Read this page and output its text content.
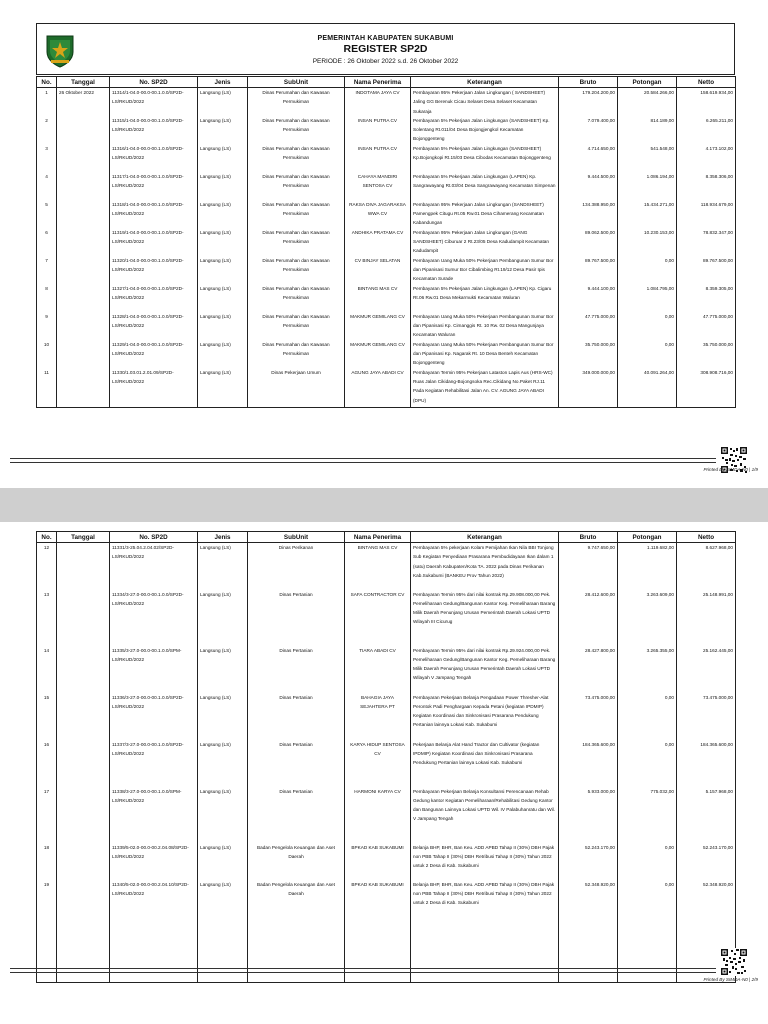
PEMERINTAH KABUPATEN SUKABUMI
REGISTER SP2D
PERIODE : 26 Oktober 2022 s.d. 26 Oktober 2022
No.	Tanggal	No. SP2D	Jenis	SubUnit	Nama Penerima	Keterangan	Bruto	Potongan	Netto
1	26 Oktober 2022	11314/1-04.0-00.0-00.1.0.0/SP2D-LS/RKUD/2022	Langsung (LS)	Dinas Perumahan dan Kawasan Permukiman	INDOTAMA JAYA CV	Pembayaran 95% Pekerjaan Jalan Lingkungan ( SANDSHEET) Jaling GG Berenuk Cicau Selaset Desa Selaset Kecamatan Sukaraja	179.204.200,00	20.584.266,00	158.619.934,00
2		11315/1-04.0-00.0-00.1.0.0/SP2D-LS/RKUD/2022	Langsung (LS)	Dinas Perumahan dan Kawasan Permukiman	INSAN PUTRA CV	Pembayaran 5% Pekerjaan Jalan Lingkungan (SANDSHEET) Kp. Solentang Rt.011/04 Desa Bojongjengkol Kecamatan Bojonggenteng	7.079.400,00	814.189,00	6.265.211,00
3		11316/1-04.0-00.0-00.1.0.0/SP2D-LS/RKUD/2022	Langsung (LS)	Dinas Perumahan dan Kawasan Permukiman	INSAN PUTRA CV	Pembayaran 5% Pekerjaan Jalan Lingkungan (SANDSHEET) Kp.Bojongkopi Rt.15/03 Desa Cibodas Kecamatan Bojonggenteng	4.714.650,00	541.548,00	4.173.102,00
4		11317/1-04.0-00.0-00.1.0.0/SP2D-LS/RKUD/2022	Langsung (LS)	Dinas Perumahan dan Kawasan Permukiman	CAHAYA MANDIRI SENTOSA CV	Pembayaran 5% Pekerjaan Jalan Lingkungan (LAPEN) Kp. Sangrawayang Rt.03/04 Desa Sangrawayang Kecamatan Simpenan	9.444.500,00	1.086.194,00	8.358.306,00
5		11318/1-04.0-00.0-00.1.0.0/SP2D-LS/RKUD/2022	Langsung (LS)	Dinas Perumahan dan Kawasan Permukiman	RAKSA DIVA JAGARAKSA WWA CV	Pembayaran 95% Pekerjaan Jalan Lingkungan (SANDSHEET) Pamengpek Citugu Rt.05 Rw.01 Desa Cihamerang Kecamatan Kabandungan	134.388.950,00	15.434.271,00	118.934.679,00
6		11319/1-04.0-00.0-00.1.0.0/SP2D-LS/RKUD/2022	Langsung (LS)	Dinas Perumahan dan Kawasan Permukiman	ANDHIKA PRATAMA CV	Pembayaran 95% Pekerjaan Jalan Lingkungan (GANG SANDSHEET) Ciburuar 2 Rt.23/05 Desa Kadudampit Kecamatan Kadudampit	89.062.500,00	10.230.153,00	78.832.347,00
7		11320/1-04.0-00.0-00.1.0.0/SP2D-LS/RKUD/2022	Langsung (LS)	Dinas Perumahan dan Kawasan Permukiman	CV BINJAY SELATAN	Pembayaran Uang Muka 50% Pekerjaan Pembangunan Sumur Bor dan Pipanisasi Sumur Bor Cibalimbing Rt.19/12 Desa Pasir Ipis Kecamatan Surade	89.767.500,00	0,00	89.767.500,00
8		11327/1-04.0-00.0-00.1.0.0/SP2D-LS/RKUD/2022	Langsung (LS)	Dinas Perumahan dan Kawasan Permukiman	BINTANG MAS CV	Pembayaran 5% Pekerjaan Jalan Lingkungan (LAPEN) Kp. Cigaru Rt.06 Rw.01 Desa Mekarmukti Kecamatan Waluran	9.444.100,00	1.084.795,00	8.359.305,00
9		11328/1-04.0-00.0-00.1.0.0/SP2D-LS/RKUD/2022	Langsung (LS)	Dinas Perumahan dan Kawasan Permukiman	MAKMUR GEMILANG CV	Pembayaran Uang Muka 50% Pekerjaan Pembangunan Sumur Bor dan Pipanisasi Kp. Cimanggis Rt. 10 Rw. 02 Desa Mangunjaya Kecamatan Waluran	47.775.000,00	0,00	47.775.000,00
10		11329/1-04.0-00.0-00.1.0.0/SP2D-LS/RKUD/2022	Langsung (LS)	Dinas Perumahan dan Kawasan Permukiman	MAKMUR GEMILANG CV	Pembayaran Uang Muka 50% Pekerjaan Pembangunan Sumur Bor dan Pipanisasi Kp. Nagarak Rt. 10 Desa Benteh Kecamatan Bojonggenteng	35.750.000,00	0,00	35.750.000,00
11		11330/1.03.01.2.01.09/SP2D-LS/RKUD/2022	Langsung (LS)	Dinas Pekerjaan Umum	AGUNG JAYA ABADI CV	Pembayaran Termin 95% Pekerjaan Lataston Lapis Aus (HRS-WC) Ruas Jalan Cikidang-Bojongsoka Rec.Cikidang No.Paket RJ.11 Pada Kegiatan Rehabilitasi Jalan An. CV. AGUNG JAYA ABADI (DPU)	349.000.000,00	40.091.264,00	308.908.716,00

Printed By SIMDA-N0 | 1/9
No.	Tanggal	No. SP2D	Jenis	SubUnit	Nama Penerima	Keterangan	Bruto	Potongan	Netto
12		11331/3-25.04.2.04.02/SP2D-LS/RKUD/2022	Langsung (LS)	Dinas Perikanan	BINTANG MAS CV	Pembayaran 5% pekerjaan Kolam Pemijahan Ikan Nila BBI Tonjong Sub Kegiatan Penyediaan Prasarana Pembudidayaan Ikan dalam 1 (satu) Daerah Kabupaten/Kota TA. 2022 pada Dinas Perikanan Kab.Sukabumi (BANKEU Prov Tahun 2022)	9.747.650,00	1.119.682,00	8.627.968,00
13		11334/3-27.0-00.0-00.1.0.0/SP2D-LS/RKUD/2022	Langsung (LS)	Dinas Pertanian	SAFA CONTRACTOR CV	Pembayaran Termin 95% dari nilai kontrak Rp.29.908.000,00 Pek. Pemeliharaan Gedung/Bangunan Kantor Keg. Pemeliharaan Barang Milik Daerah Penunjang Urusan Pemerintah Daerah Lokasi UPTD Wilayah III Cicurug	28.412.600,00	3.263.609,00	25.148.991,00
14		11335/3-27.0-00.0-00.1.0.0/SPM-LS/RKUD/2022	Langsung (LS)	Dinas Pertanian	TIARA ABADI CV	Pembayaran Termin 95% dari nilai kontrak Rp.29.924.000,00 Pek. Pemeliharaan Gedung/Bangunan Kantor Keg. Pemeliharaan Barang Milik Daerah Penunjang Urusan Pemerintah Daerah Lokasi UPTD Wilayah V Jampang Tengah	28.427.800,00	3.265.355,00	25.162.445,00
15		11336/3-27.0-00.0-00.1.0.0/SP2D-LS/RKUD/2022	Langsung (LS)	Dinas Pertanian	BAHAGIA JAYA SEJAHTERA PT	Pembayaran Pekerjaan Belanja Pengadaan Power Thresher-Alat Perontok Padi Penghargaan Kepada Petani (kegiatan IPDMIP) Kegiatan Koordinasi dan Sinkronisasi Prasarana Pendukung Pertanian lainnya Lokasi Kab. Sukabumi	73.475.000,00	0,00	73.475.000,00
16		11337/3-27.0-00.0-00.1.0.0/SP2D-LS/RKUD/2022	Langsung (LS)	Dinas Pertanian	KARYA HIDUP SENTOSA CV	Pekerjaan Belanja Alat Hand Tractor dan Cultivator (kegiatan IPDMIP) Kegiatan Koordinasi dan Sinkronisasi Prasarana Pendukung Pertanian lainnya Lokasi Kab. Sukabumi	184.365.600,00	0,00	184.365.600,00
17		11338/3-27.0-00.0-00.1.0.0/SPM-LS/RKUD/2022	Langsung (LS)	Dinas Pertanian	HARMONI KARYA CV	Pembayaran Pekerjaan Belanja Konsultansi Perencanaan Rehab Gedung kantor Kegiatan Pemeliharaan/Rehabilitasi Gedung Kantor dan Bangunan Lainnya Lokasi UPTD Wil. IV Palabuhanratu dan Wil. V Jampang Tengah	5.933.000,00	775.032,00	5.157.968,00
18		11339/5-02.0-00.0-00.2.04.08/SP2D-LS/RKUD/2022	Langsung (LS)	Badan Pengelola Keuangan dan Aset Daerah	BPKAD KAB SUKABUMI	Belanja BHP, BHR, Ban Keu. ADD APBD Tahap II (30%) DBH Pajak non PBB Tahap II (30%) DBH Retribusi Tahap II (30%) Tahun 2022 untuk 2 Desa di Kab. Sukabumi	52.243.170,00	0,00	52.243.170,00
19		11340/5-02.0-00.0-00.2.04.10/SP2D-LS/RKUD/2022	Langsung (LS)	Badan Pengelola Keuangan dan Aset Daerah	BPKAD KAB SUKABUMI	Belanja BHP, BHR, Ban Keu. ADD APBD Tahap II (30%) DBH Pajak non PBB Tahap II (30%) DBH Retribusi Tahap II (30%) Tahun 2022 untuk 2 Desa di Kab. Sukabumi	52.348.920,00	0,00	52.348.920,00

Printed By SIMDA-N0 | 2/9
